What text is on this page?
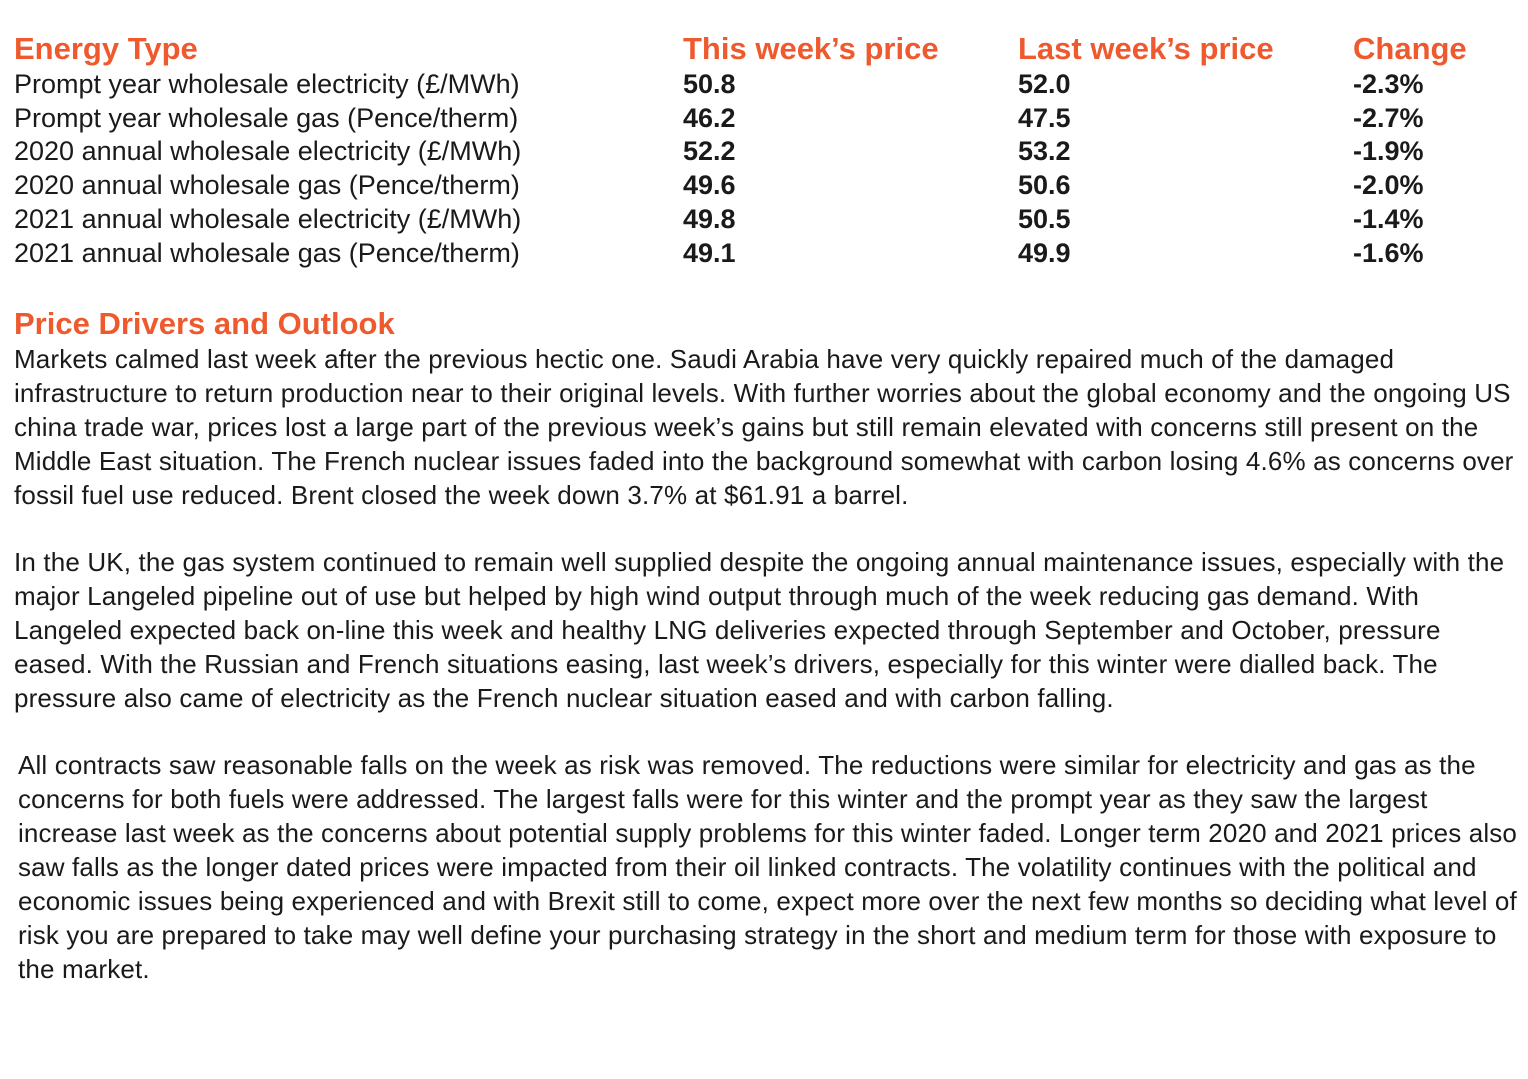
Energy Type	This week’s price	Last week’s price	Change
Prompt year wholesale electricity (£/MWh)	50.8	52.0	-2.3%
Prompt year wholesale gas (Pence/therm)	46.2	47.5	-2.7%
2020 annual wholesale electricity (£/MWh)	52.2	53.2	-1.9%
2020 annual wholesale gas (Pence/therm)	49.6	50.6	-2.0%
2021 annual wholesale electricity (£/MWh)	49.8	50.5	-1.4%
2021 annual wholesale gas (Pence/therm)	49.1	49.9	-1.6%
Price Drivers and Outlook

Markets calmed last week after the previous hectic one. Saudi Arabia have very quickly repaired much of the damaged infrastructure to return production near to their original levels. With further worries about the global economy and the ongoing US china trade war, prices lost a large part of the previous week’s gains but still remain elevated with concerns still present on the Middle East situation. The French nuclear issues faded into the background somewhat with carbon losing 4.6% as concerns over fossil fuel use reduced. Brent closed the week down 3.7% at $61.91 a barrel.

In the UK, the gas system continued to remain well supplied despite the ongoing annual maintenance issues, especially with the major Langeled pipeline out of use but helped by high wind output through much of the week reducing gas demand. With Langeled expected back on-line this week and healthy LNG deliveries expected through September and October, pressure eased. With the Russian and French situations easing, last week’s drivers, especially for this winter were dialled back. The pressure also came of electricity as the French nuclear situation eased and with carbon falling.

All contracts saw reasonable falls on the week as risk was removed. The reductions were similar for electricity and gas as the concerns for both fuels were addressed. The largest falls were for this winter and the prompt year as they saw the largest increase last week as the concerns about potential supply problems for this winter faded. Longer term 2020 and 2021 prices also saw falls as the longer dated prices were impacted from their oil linked contracts. The volatility continues with the political and economic issues being experienced and with Brexit still to come, expect more over the next few months so deciding what level of risk you are prepared to take may well define your purchasing strategy in the short and medium term for those with exposure to the market.
